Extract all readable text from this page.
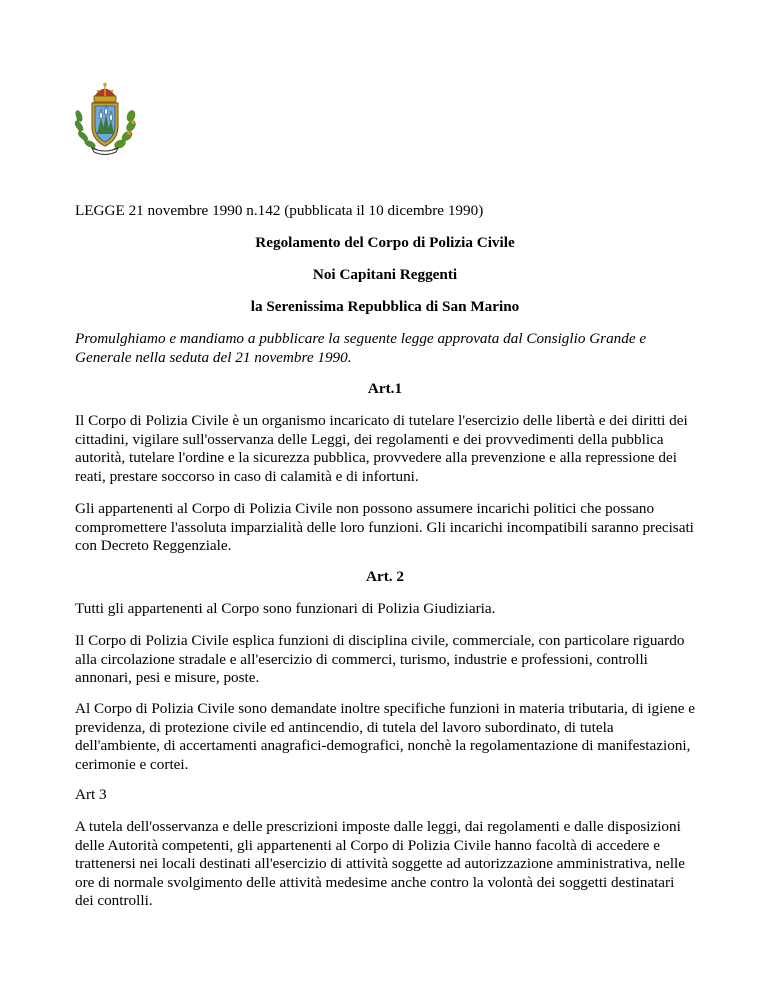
LEGGE 21 novembre 1990 n.142 (pubblicata il 10 dicembre 1990)

Regolamento del Corpo di Polizia Civile

Noi Capitani Reggenti

la Serenissima Repubblica di San Marino

Promulghiamo e mandiamo a pubblicare la seguente legge approvata dal Consiglio Grande e Generale nella seduta del 21 novembre 1990.

Art.1

Il Corpo di Polizia Civile è un organismo incaricato di tutelare l'esercizio delle libertà e dei diritti dei cittadini, vigilare sull'osservanza delle Leggi, dei regolamenti e dei provvedimenti della pubblica autorità, tutelare l'ordine e la sicurezza pubblica, provvedere alla prevenzione e alla repressione dei reati, prestare soccorso in caso di calamità e di infortuni.

Gli appartenenti al Corpo di Polizia Civile non possono assumere incarichi politici che possano compromettere l'assoluta imparzialità delle loro funzioni. Gli incarichi incompatibili saranno precisati con Decreto Reggenziale.

Art. 2

Tutti gli appartenenti al Corpo sono funzionari di Polizia Giudiziaria.

Il Corpo di Polizia Civile esplica funzioni di disciplina civile, commerciale, con particolare riguardo alla circolazione stradale e all'esercizio di commerci, turismo, industrie e professioni, controlli annonari, pesi e misure, poste.

Al Corpo di Polizia Civile sono demandate inoltre specifiche funzioni in materia tributaria, di igiene e previdenza, di protezione civile ed antincendio, di tutela del lavoro subordinato, di tutela dell'ambiente, di accertamenti anagrafici-demografici, nonchè la regolamentazione di manifestazioni, cerimonie e cortei.

Art 3

A tutela dell'osservanza e delle prescrizioni imposte dalle leggi, dai regolamenti e dalle disposizioni delle Autorità competenti, gli appartenenti al Corpo di Polizia Civile hanno facoltà di accedere e trattenersi nei locali destinati all'esercizio di attività soggette ad autorizzazione amministrativa, nelle ore di normale svolgimento delle attività medesime anche contro la volontà dei soggetti destinatari dei controlli.
